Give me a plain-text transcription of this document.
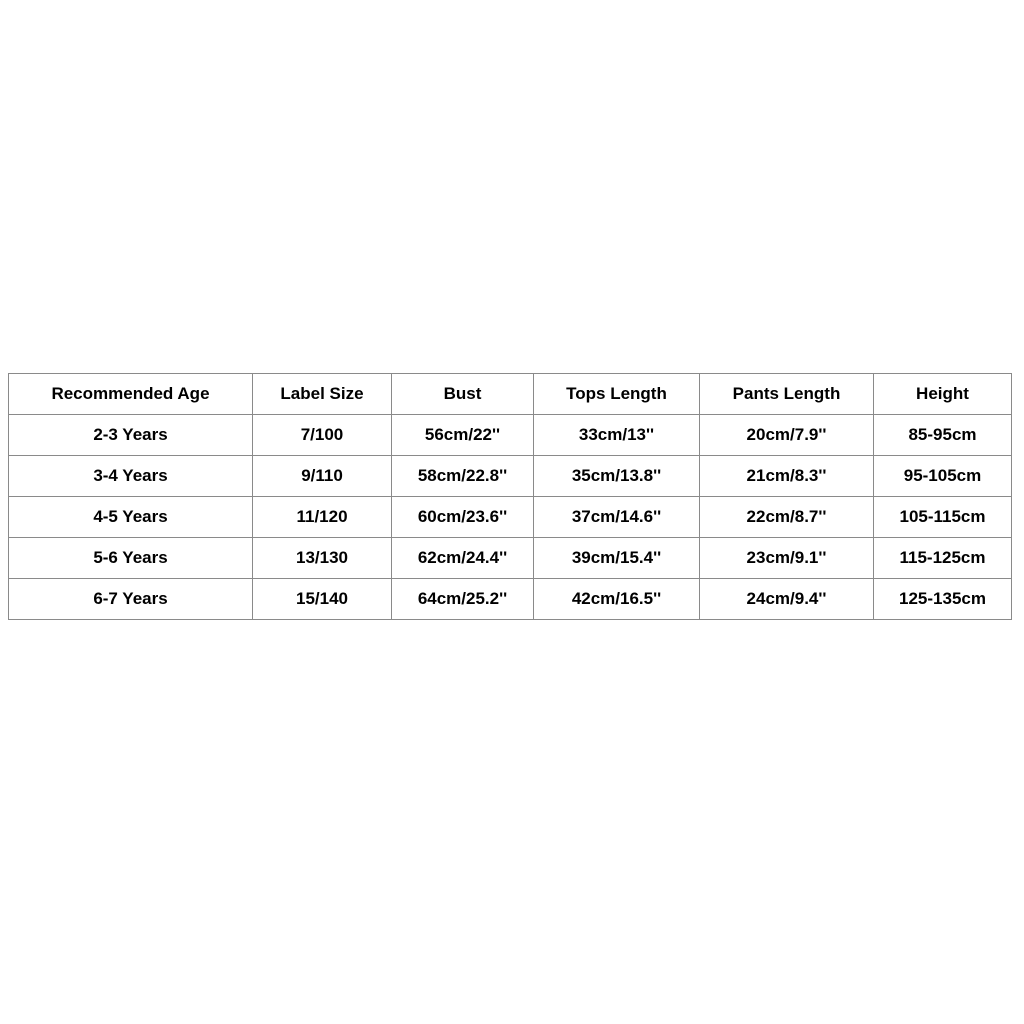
Recommended Age	Label Size	Bust	Tops Length	Pants Length	Height
2-3 Years	7/100	56cm/22''	33cm/13''	20cm/7.9''	85-95cm
3-4 Years	9/110	58cm/22.8''	35cm/13.8''	21cm/8.3''	95-105cm
4-5 Years	11/120	60cm/23.6''	37cm/14.6''	22cm/8.7''	105-115cm
5-6 Years	13/130	62cm/24.4''	39cm/15.4''	23cm/9.1''	115-125cm
6-7 Years	15/140	64cm/25.2''	42cm/16.5''	24cm/9.4''	125-135cm
